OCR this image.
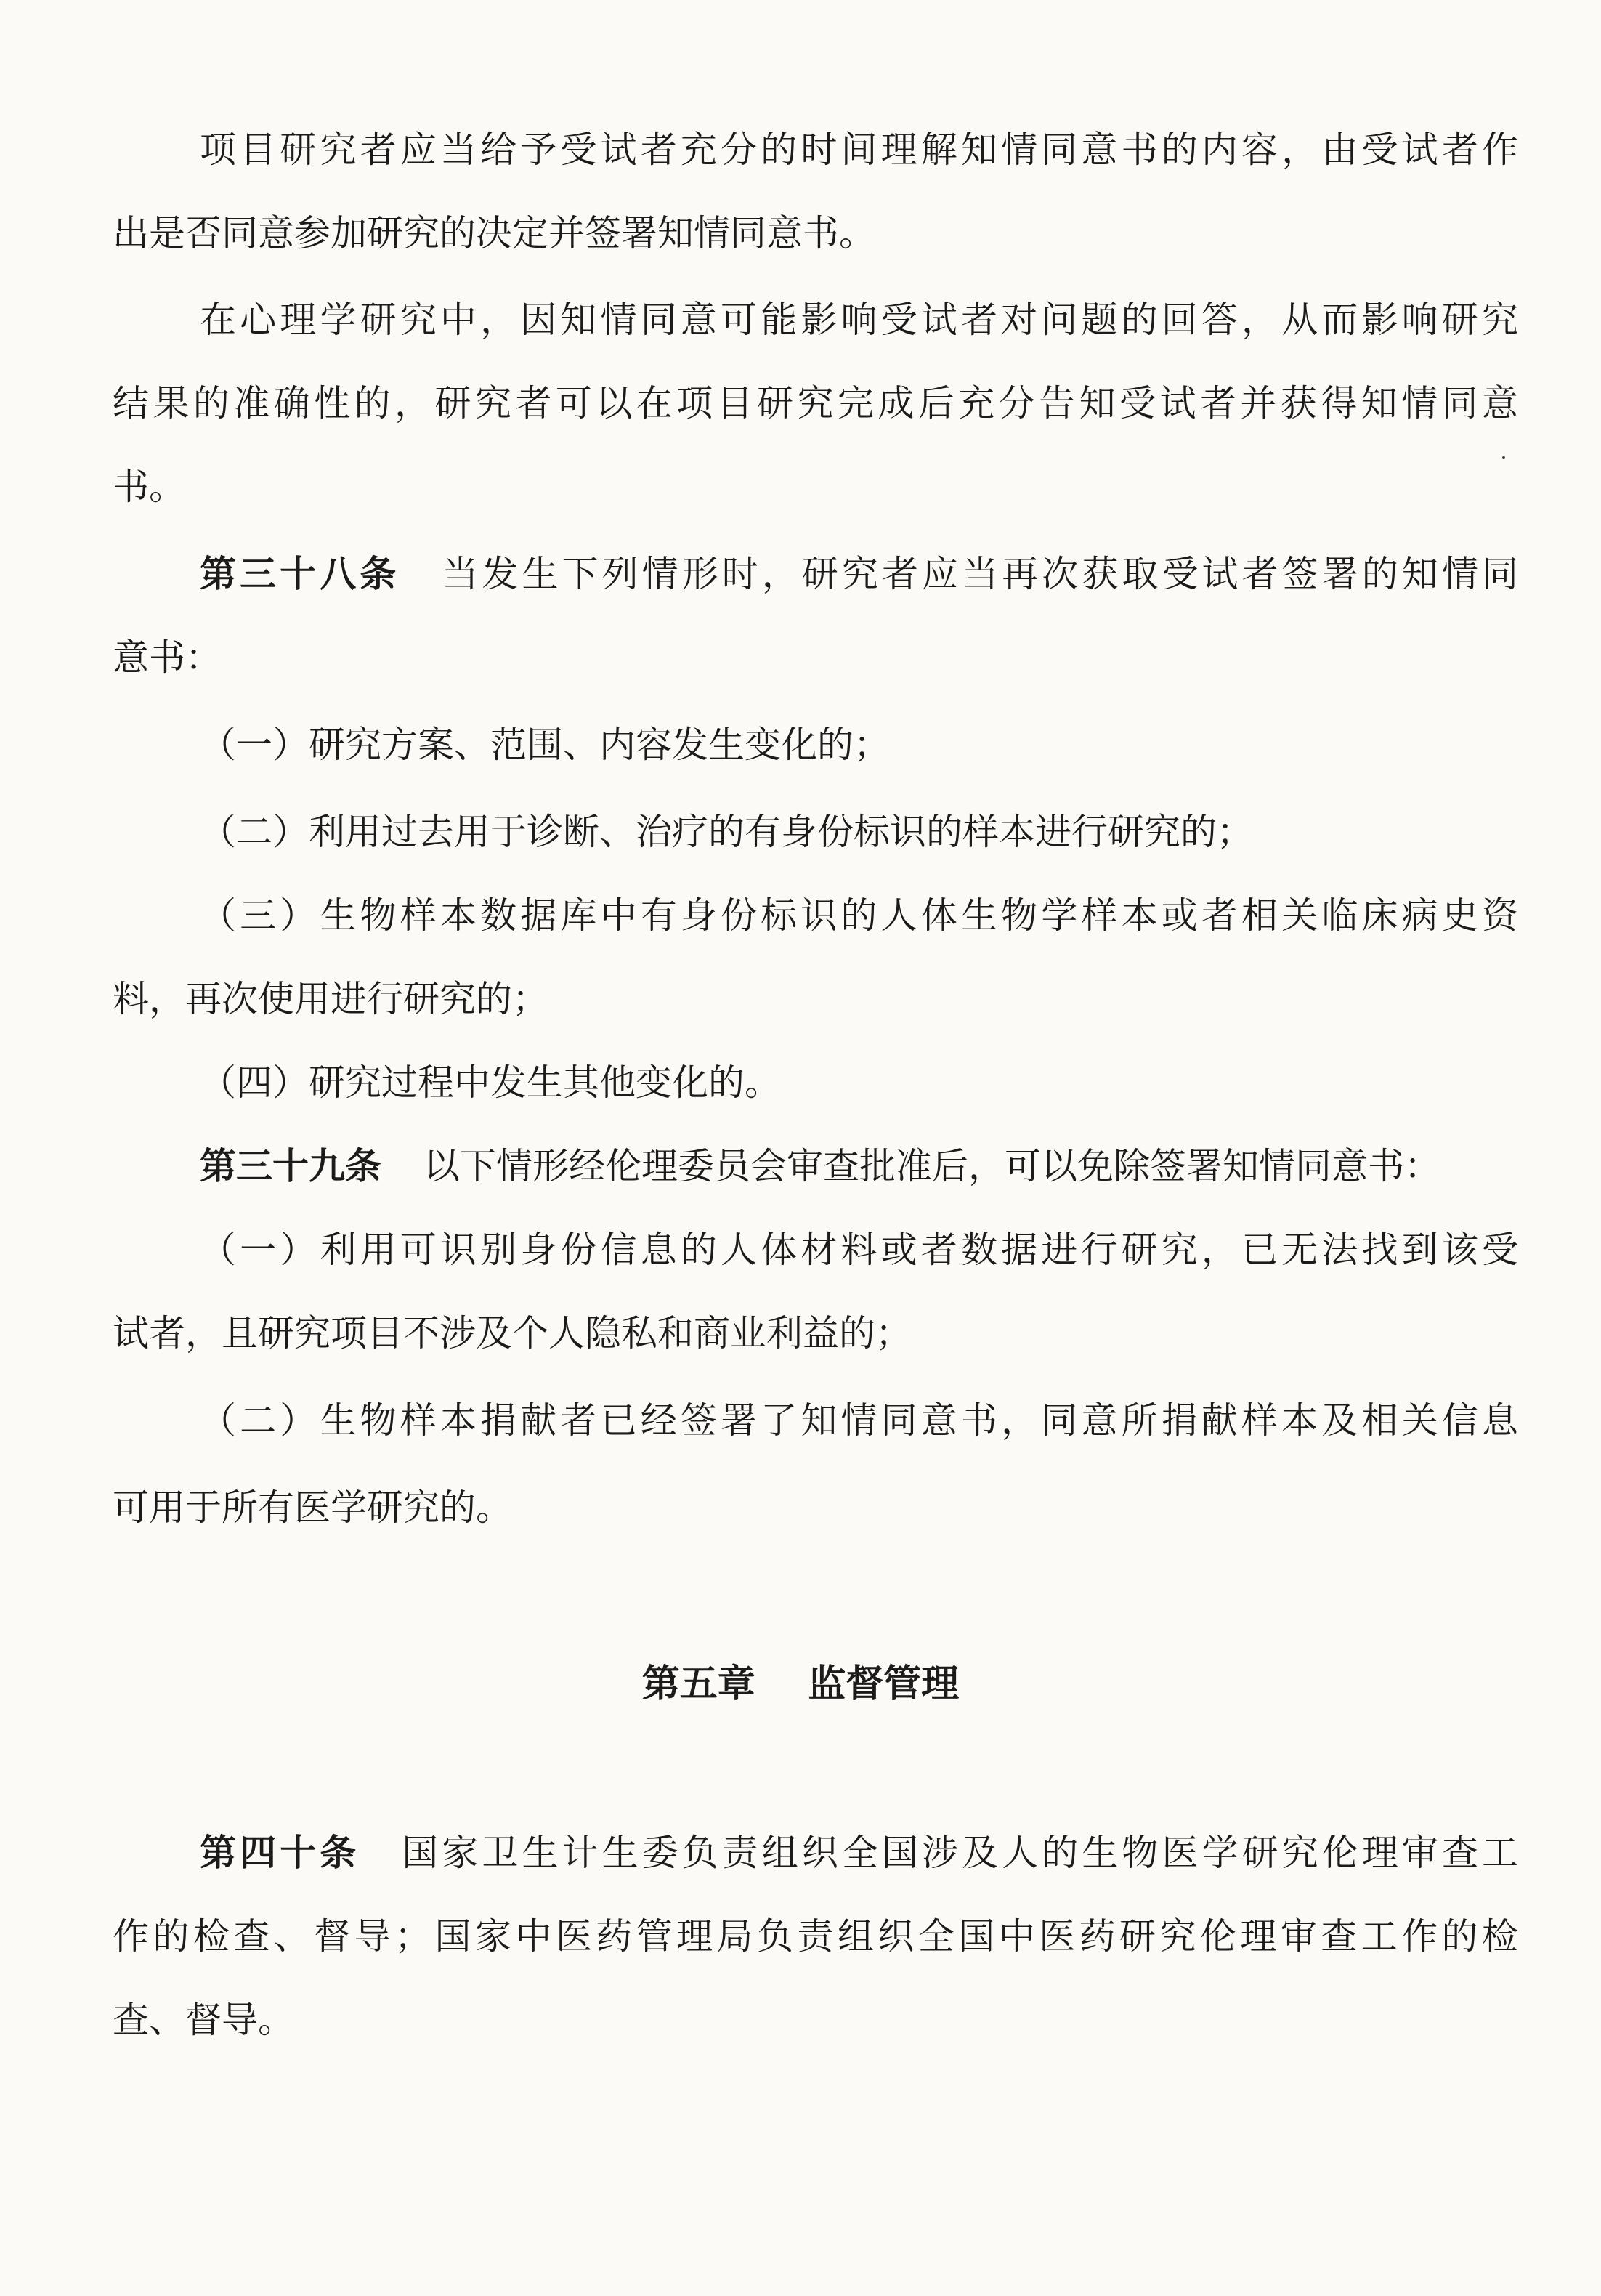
项目研究者应当给予受试者充分的时间理解知情同意书的内容，由受试者作
出是否同意参加研究的决定并签署知情同意书。
在心理学研究中，因知情同意可能影响受试者对问题的回答，从而影响研究
结果的准确性的，研究者可以在项目研究完成后充分告知受试者并获得知情同意
书。
第三十八条 当发生下列情形时，研究者应当再次获取受试者签署的知情同
意书：
（一）研究方案、范围、内容发生变化的；
（二）利用过去用于诊断、治疗的有身份标识的样本进行研究的；
（三）生物样本数据库中有身份标识的人体生物学样本或者相关临床病史资
料，再次使用进行研究的；
（四）研究过程中发生其他变化的。
第三十九条 以下情形经伦理委员会审查批准后，可以免除签署知情同意书：
（一）利用可识别身份信息的人体材料或者数据进行研究，已无法找到该受
试者，且研究项目不涉及个人隐私和商业利益的；
（二）生物样本捐献者已经签署了知情同意书，同意所捐献样本及相关信息
可用于所有医学研究的。
第五章 监督管理
第四十条 国家卫生计生委负责组织全国涉及人的生物医学研究伦理审查工
作的检查、督导；国家中医药管理局负责组织全国中医药研究伦理审查工作的检
查、督导。
